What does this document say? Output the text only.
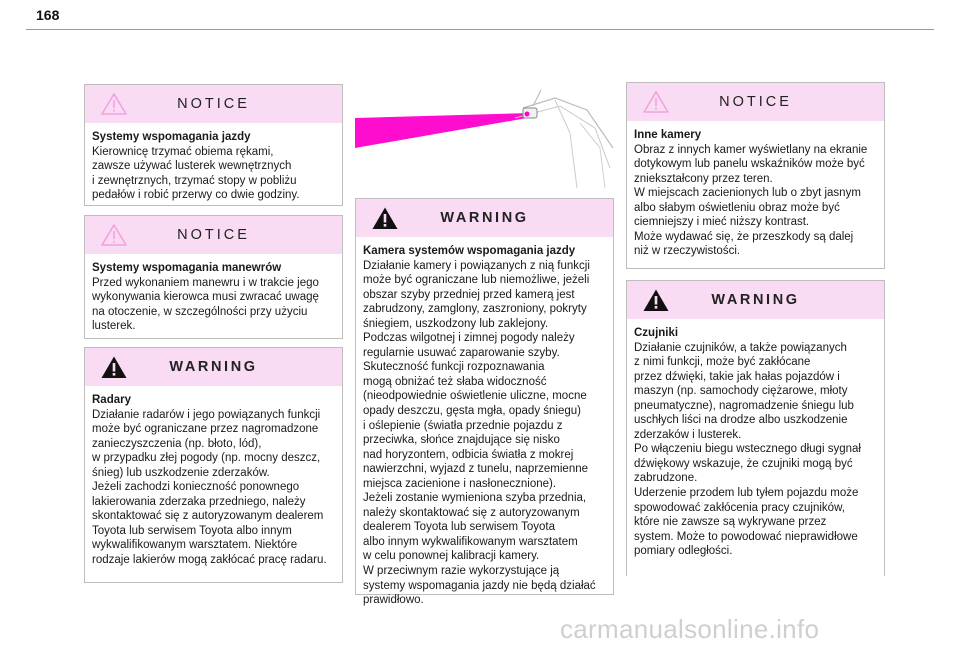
168
NOTICE
Systemy wspomagania jazdy
Kierownicę trzymać obiema rękami,
zawsze używać lusterek wewnętrznych
i zewnętrznych, trzymać stopy w pobliżu
pedałów i robić przerwy co dwie godziny.
NOTICE
Systemy wspomagania manewrów
Przed wykonaniem manewru i w trakcie jego
wykonywania kierowca musi zwracać uwagę
na otoczenie, w szczególności przy użyciu
lusterek.
WARNING
Radary
Działanie radarów i jego powiązanych funkcji
może być ograniczane przez nagromadzone
zanieczyszczenia (np. błoto, lód),
w przypadku złej pogody (np. mocny deszcz,
śnieg) lub uszkodzenie zderzaków.
Jeżeli zachodzi konieczność ponownego
lakierowania zderzaka przedniego, należy
skontaktować się z autoryzowanym dealerem
Toyota lub serwisem Toyota albo innym
wykwalifikowanym warsztatem. Niektóre
rodzaje lakierów mogą zakłócać pracę radaru.
WARNING
Kamera systemów wspomagania jazdy
Działanie kamery i powiązanych z nią funkcji
może być ograniczane lub niemożliwe, jeżeli
obszar szyby przedniej przed kamerą jest
zabrudzony, zamglony, zaszroniony, pokryty
śniegiem, uszkodzony lub zaklejony.
Podczas wilgotnej i zimnej pogody należy
regularnie usuwać zaparowanie szyby.
Skuteczność funkcji rozpoznawania
mogą obniżać też słaba widoczność
(nieodpowiednie oświetlenie uliczne, mocne
opady deszczu, gęsta mgła, opady śniegu)
i oślepienie (światła przednie pojazdu z
przeciwka, słońce znajdujące się nisko
nad horyzontem, odbicia światła z mokrej
nawierzchni, wyjazd z tunelu, naprzemienne
miejsca zacienione i nasłonecznione).
Jeżeli zostanie wymieniona szyba przednia,
należy skontaktować się z autoryzowanym
dealerem Toyota lub serwisem Toyota
albo innym wykwalifikowanym warsztatem
w celu ponownej kalibracji kamery.
W przeciwnym razie wykorzystujące ją
systemy wspomagania jazdy nie będą działać
prawidłowo.
NOTICE
Inne kamery
Obraz z innych kamer wyświetlany na ekranie
dotykowym lub panelu wskaźników może być
zniekształcony przez teren.
W miejscach zacienionych lub o zbyt jasnym
albo słabym oświetleniu obraz może być
ciemniejszy i mieć niższy kontrast.
Może wydawać się, że przeszkody są dalej
niż w rzeczywistości.
WARNING
Czujniki
Działanie czujników, a także powiązanych
z nimi funkcji, może być zakłócane
przez dźwięki, takie jak hałas pojazdów i
maszyn (np. samochody ciężarowe, młoty
pneumatyczne), nagromadzenie śniegu lub
uschłych liści na drodze albo uszkodzenie
zderzaków i lusterek.
Po włączeniu biegu wstecznego długi sygnał
dźwiękowy wskazuje, że czujniki mogą być
zabrudzone.
Uderzenie przodem lub tyłem pojazdu może
spowodować zakłócenia pracy czujników,
które nie zawsze są wykrywane przez
system. Może to powodować nieprawidłowe
pomiary odległości.
carmanualsonline.info
